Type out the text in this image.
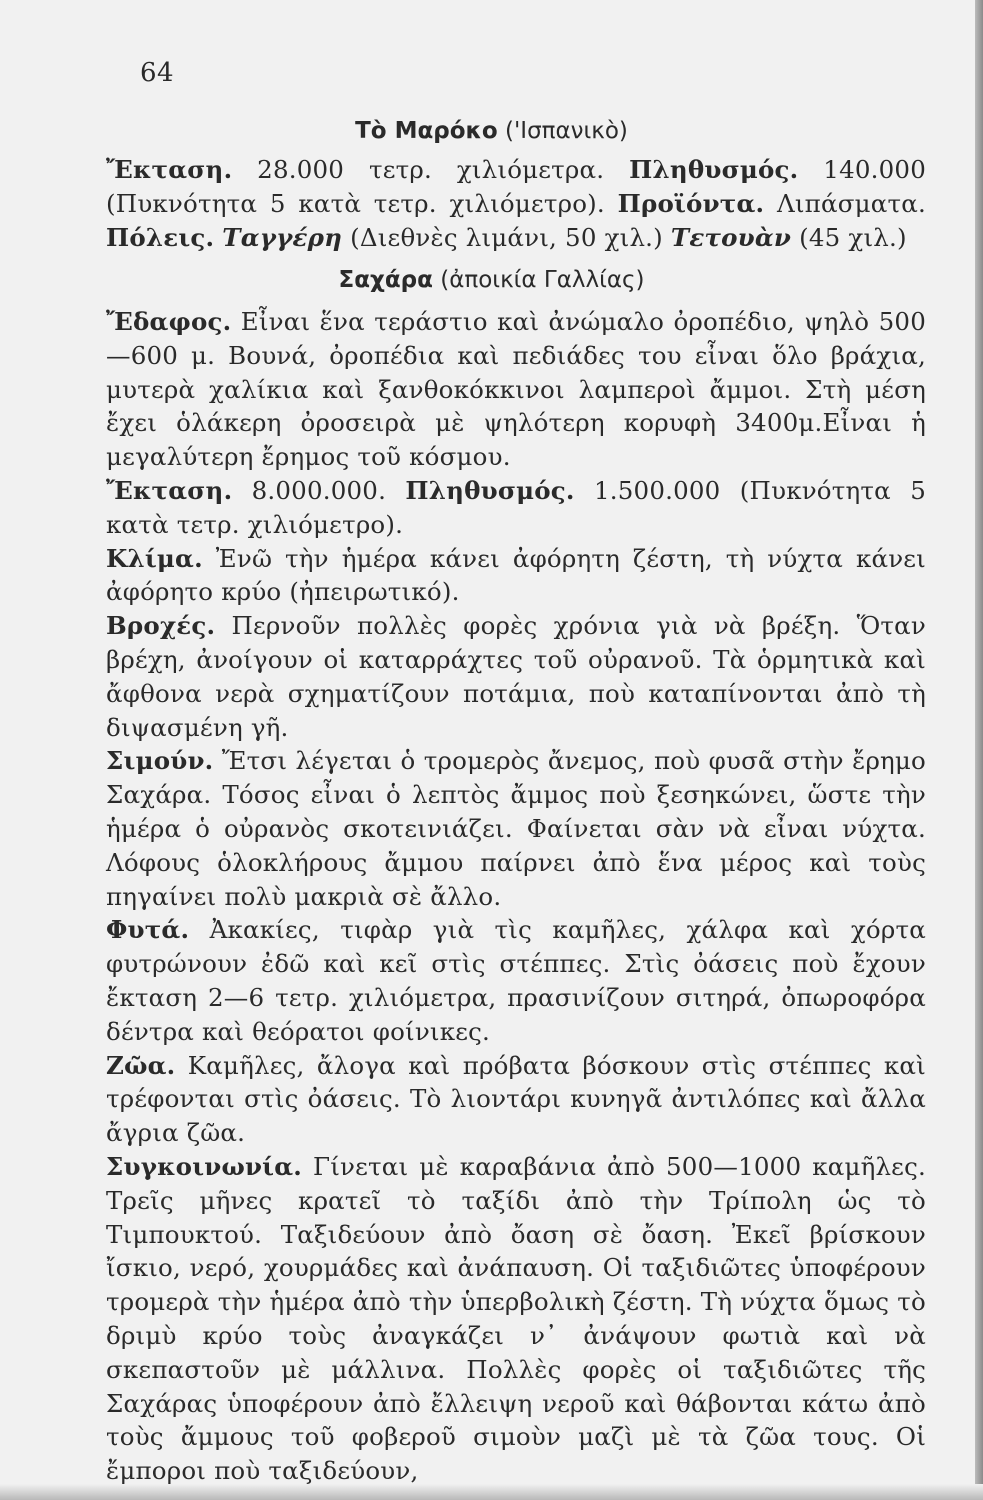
64
Τὸ Μαρόκο ('Ισπανικὸ)

Ἔκταση. 28.000 τετρ. χιλιόμετρα. Πληθυσμός. 140.000 (Πυκνότητα 5 κατὰ τετρ. χιλιόμετρο). Προϊόντα. Λιπάσματα. Πόλεις. Ταγγέρη (Διεθνὲς λιμάνι, 50 χιλ.) Τετουὰν (45 χιλ.)

Σαχάρα (ἀποικία Γαλλίας)

Ἔδαφος. Εἶναι ἕνα τεράστιο καὶ ἀνώμαλο ὀροπέδιο, ψηλὸ 500—600 μ. Βουνά, ὀροπέδια καὶ πεδιάδες του εἶναι ὅλο βράχια, μυτερὰ χαλίκια καὶ ξανθοκόκκινοι λαμπεροὶ ἄμμοι. Στὴ μέση ἔχει ὁλάκερη ὀροσειρὰ μὲ ψηλότερη κορυφὴ 3400μ.Εἶναι ἡ μεγαλύτερη ἔρημος τοῦ κόσμου.

Ἔκταση. 8.000.000. Πληθυσμός. 1.500.000 (Πυκνότητα 5 κατὰ τετρ. χιλιόμετρο).

Κλίμα. Ἐνῶ τὴν ἡμέρα κάνει ἀφόρητη ζέστη, τὴ νύχτα κάνει ἀφόρητο κρύο (ἠπειρωτικό).

Βροχές. Περνοῦν πολλὲς φορὲς χρόνια γιὰ νὰ βρέξη. Ὅταν βρέχη, ἀνοίγουν οἱ καταρράχτες τοῦ οὐρανοῦ. Τὰ ὁρμητικὰ καὶ ἄφθονα νερὰ σχηματίζουν ποτάμια, ποὺ καταπίνονται ἀπὸ τὴ διψασμένη γῆ.

Σιμούν. Ἔτσι λέγεται ὁ τρομερὸς ἄνεμος, ποὺ φυσᾶ στὴν ἔρημο Σαχάρα. Τόσος εἶναι ὁ λεπτὸς ἄμμος ποὺ ξεσηκώνει, ὥστε τὴν ἡμέρα ὁ οὐρανὸς σκοτεινιάζει. Φαίνεται σὰν νὰ εἶναι νύχτα. Λόφους ὁλοκλήρους ἄμμου παίρνει ἀπὸ ἕνα μέρος καὶ τοὺς πηγαίνει πολὺ μακριὰ σὲ ἄλλο.

Φυτά. Ἀκακίες, τιφὰρ γιὰ τὶς καμῆλες, χάλφα καὶ χόρτα φυτρώνουν ἐδῶ καὶ κεῖ στὶς στέππες. Στὶς ὀάσεις ποὺ ἔχουν ἔκταση 2—6 τετρ. χιλιόμετρα, πρασινίζουν σιτηρά, ὀπωροφόρα δέντρα καὶ θεόρατοι φοίνικες.

Ζῶα. Καμῆλες, ἄλογα καὶ πρόβατα βόσκουν στὶς στέππες καὶ τρέφονται στὶς ὀάσεις. Τὸ λιοντάρι κυνηγᾶ ἀντιλόπες καὶ ἄλλα ἄγρια ζῶα.

Συγκοινωνία. Γίνεται μὲ καραβάνια ἀπὸ 500—1000 καμῆλες. Τρεῖς μῆνες κρατεῖ τὸ ταξίδι ἀπὸ τὴν Τρίπολη ὡς τὸ Τιμπουκτού. Ταξιδεύουν ἀπὸ ὄαση σὲ ὄαση. Ἐκεῖ βρίσκουν ἴσκιο, νερό, χουρμάδες καὶ ἀνάπαυση. Οἱ ταξιδιῶτες ὑποφέρουν τρομερὰ τὴν ἡμέρα ἀπὸ τὴν ὑπερβολικὴ ζέστη. Τὴ νύχτα ὅμως τὸ δριμὺ κρύο τοὺς ἀναγκάζει ν᾿ ἀνάψουν φωτιὰ καὶ νὰ σκεπαστοῦν μὲ μάλλινα. Πολλὲς φορὲς οἱ ταξιδιῶτες τῆς Σαχάρας ὑποφέρουν ἀπὸ ἔλλειψη νεροῦ καὶ θάβονται κάτω ἀπὸ τοὺς ἄμμους τοῦ φοβεροῦ σιμοὺν μαζὶ μὲ τὰ ζῶα τους. Οἱ ἔμποροι ποὺ ταξιδεύουν,
